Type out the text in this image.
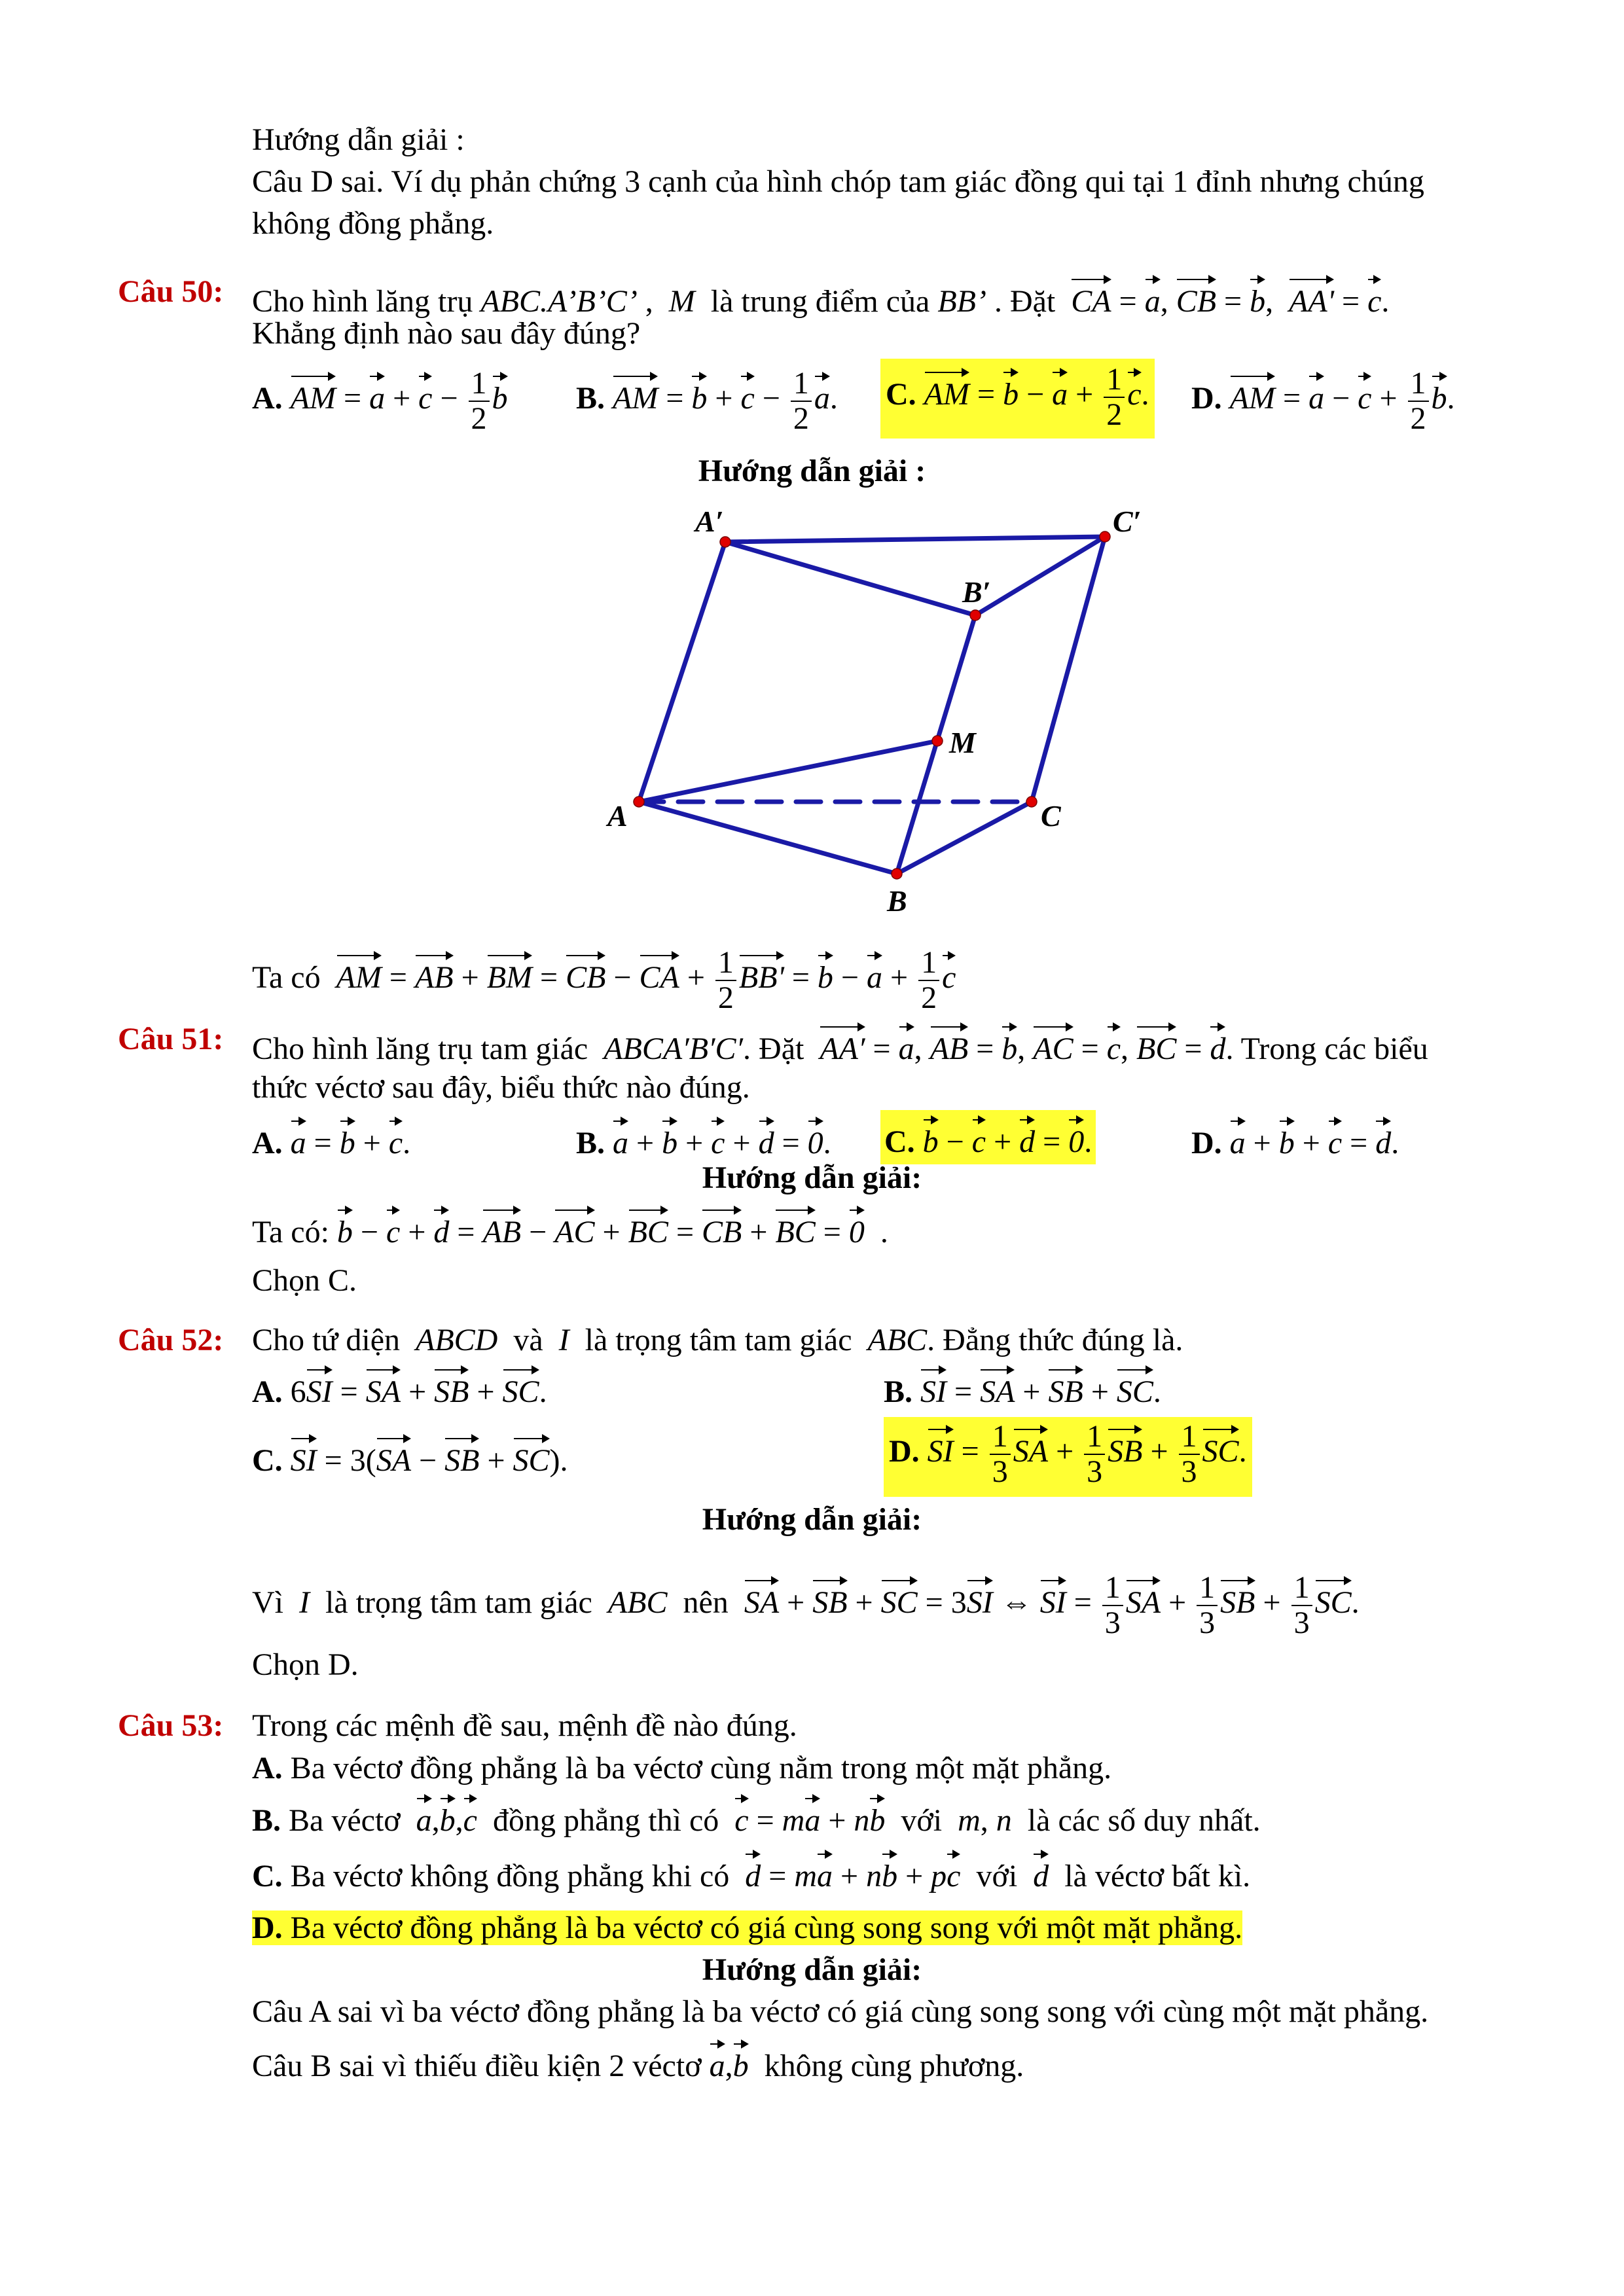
Hướng dẫn giải :
Câu D sai. Ví dụ phản chứng 3 cạnh của hình chóp tam giác đồng qui tại 1 đỉnh nhưng chúng
không đồng phẳng.
Câu 50: Cho hình lăng trụ ABC.A’B’C’ , M là trung điểm của BB’ . Đặt CA = a, CB = b,  AA' = c.
Khẳng định nào sau đây đúng?
A. AM = $a + c - \frac{1}{2}$ b B. AM = $b + c - \frac{1}{2} a$. C. AM = $b - a + \frac{1}{2} c$. D. AM = $a - c + \frac{1}{2} b$.
Hướng dẫn giải :
A′	C′
B′
M
A	C
B
Ta có AM = AB + BM = CB − CA + $\frac{1}{2} BB' = b - a + \frac{1}{2}$ c
Câu 51: Cho hình lăng trụ tam giác ABCA′B′C′. Đặt AA′ = a, AB = b, AC = c, BC = d. Trong các biểu
thức véctơ sau đây, biểu thức nào đúng.
A. a = b + c.	B. a + b + c + d = 0. C. b − c + d = 0.	D. a + b + c = d.
Hướng dẫn giải:
Ta có: b − c + d = AB − AC + BC = CB + BC = 0  .
Chọn C.
Câu 52: Cho tứ diện ABCD và I là trọng tâm tam giác ABC. Đẳng thức đúng là.
A. 6SI = SA + SB + SC.	B. SI = SA + SB + SC.
C. SI = 3(SA − SB + SC).	D. SI = $\frac{1}{3}$ SA + $\frac{1}{3}$ SB + $\frac{1}{3}$ SC.
Hướng dẫn giải:
Vì I là trọng tâm tam giác ABC nên SA + SB + SC = 3SI ⇔ SI = $\frac{1}{3}$ SA + $\frac{1}{3}$ SB + $\frac{1}{3}$ SC.
Chọn D.
Câu 53: Trong các mệnh đề sau, mệnh đề nào đúng.
A. Ba véctơ đồng phẳng là ba véctơ cùng nằm trong một mặt phẳng.
B. Ba véctơ a,b,c đồng phẳng thì có c = ma + nb với m, n là các số duy nhất.
C. Ba véctơ không đồng phẳng khi có d = ma + nb + pc với d là véctơ bất kì.
D. Ba véctơ đồng phẳng là ba véctơ có giá cùng song song với một mặt phẳng.
Hướng dẫn giải:
Câu A sai vì ba véctơ đồng phẳng là ba véctơ có giá cùng song song với cùng một mặt phẳng.
Câu B sai vì thiếu điều kiện 2 véctơ a,b không cùng phương.
